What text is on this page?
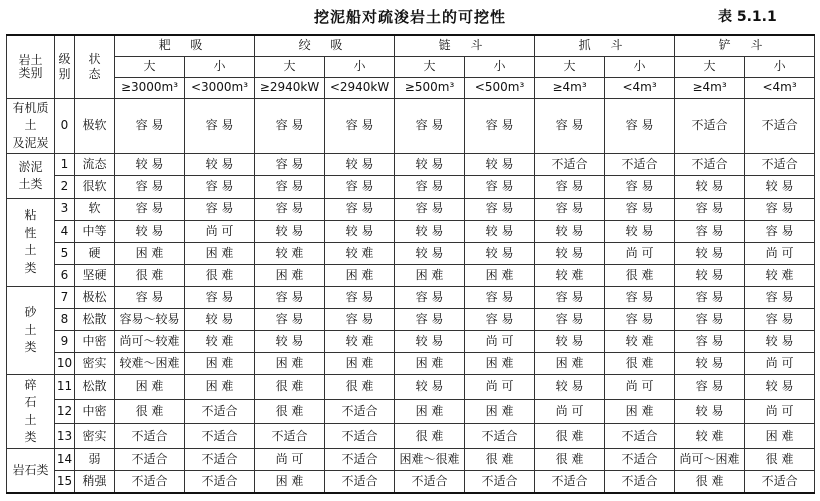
挖泥船对疏浚岩土的可挖性	表 5.1.1
岩土类别	级别	状态	耙 吸		绞 吸		链 斗		抓 斗		铲 斗	
			大	小	大	小	大	小	大	小	大	小
			≥3000m³	<3000m³	≥2940kW	<2940kW	≥500m³	<500m³	≥4m³	<4m³	≥4m³	<4m³

有机质
土
及泥炭	0	极软	容 易	容 易	容 易	容 易	容 易	容 易	容 易	容 易	不适合	不适合

淤泥
土类	1	流态	较 易	较 易	容 易	较 易	较 易	较 易	不适合	不适合	不适合	不适合
	2	很软	容 易	容 易	容 易	容 易	容 易	容 易	容 易	容 易	较 易	较 易

粘
性
土
类	3	软	容 易	容 易	容 易	容 易	容 易	容 易	容 易	容 易	容 易	容 易
	4	中等	较 易	尚 可	较 易	较 易	较 易	较 易	较 易	较 易	容 易	容 易
	5	硬	困 难	困 难	较 难	较 难	较 易	较 易	较 易	尚 可	较 易	尚 可
	6	坚硬	很 难	很 难	困 难	困 难	困 难	困 难	较 难	很 难	较 易	较 难

砂
土
类	7	极松	容 易	容 易	容 易	容 易	容 易	容 易	容 易	容 易	容 易	容 易
	8	松散	容易～较易	较 易	容 易	容 易	容 易	容 易	容 易	容 易	容 易	容 易
	9	中密	尚可～较难	较 难	较 易	较 难	较 易	尚 可	较 易	较 难	容 易	较 易
	10	密实	较难～困难	困 难	困 难	困 难	困 难	困 难	困 难	很 难	较 易	尚 可

碎
石
土
类	11	松散	困 难	困 难	很 难	很 难	较 易	尚 可	较 易	尚 可	容 易	较 易
	12	中密	很 难	不适合	很 难	不适合	困 难	困 难	尚 可	困 难	较 易	尚 可
	13	密实	不适合	不适合	不适合	不适合	很 难	不适合	很 难	不适合	较 难	困 难

岩石类	14	弱	不适合	不适合	尚 可	不适合	困难～很难	很 难	很 难	不适合	尚可～困难	很 难
	15	稍强	不适合	不适合	困 难	不适合	不适合	不适合	不适合	不适合	很 难	不适合
